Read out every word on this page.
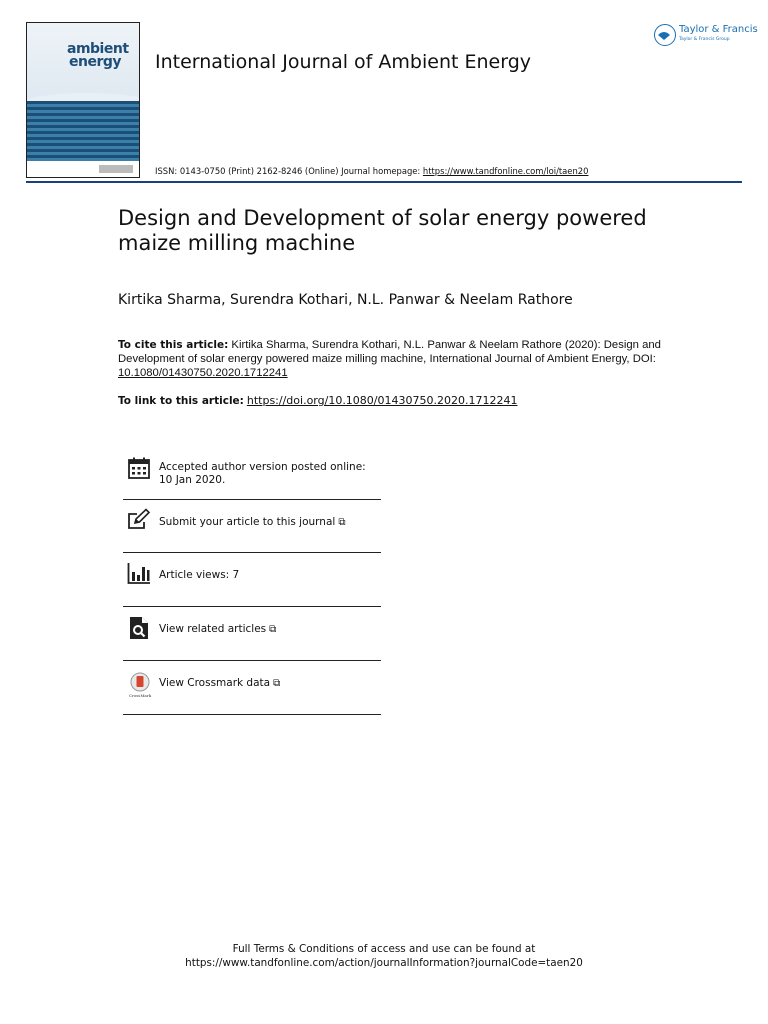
ambient
energy International Journal of Ambient Energy
Taylor & Francis
Taylor & Francis Group
ISSN: 0143-0750 (Print) 2162-8246 (Online) Journal homepage: https://www.tandfonline.com/loi/taen20
Design and Development of solar energy powered maize milling machine
Kirtika Sharma, Surendra Kothari, N.L. Panwar & Neelam Rathore
To cite this article: Kirtika Sharma, Surendra Kothari, N.L. Panwar & Neelam Rathore (2020): Design and Development of solar energy powered maize milling machine, International Journal of Ambient Energy, DOI: 10.1080/01430750.2020.1712241
To link to this article: https://doi.org/10.1080/01430750.2020.1712241
Accepted author version posted online: 10 Jan 2020.
Submit your article to this journal ⧉
Article views: 7
View related articles ⧉
CrossMark
View Crossmark data ⧉
Full Terms & Conditions of access and use can be found at
https://www.tandfonline.com/action/journalInformation?journalCode=taen20
